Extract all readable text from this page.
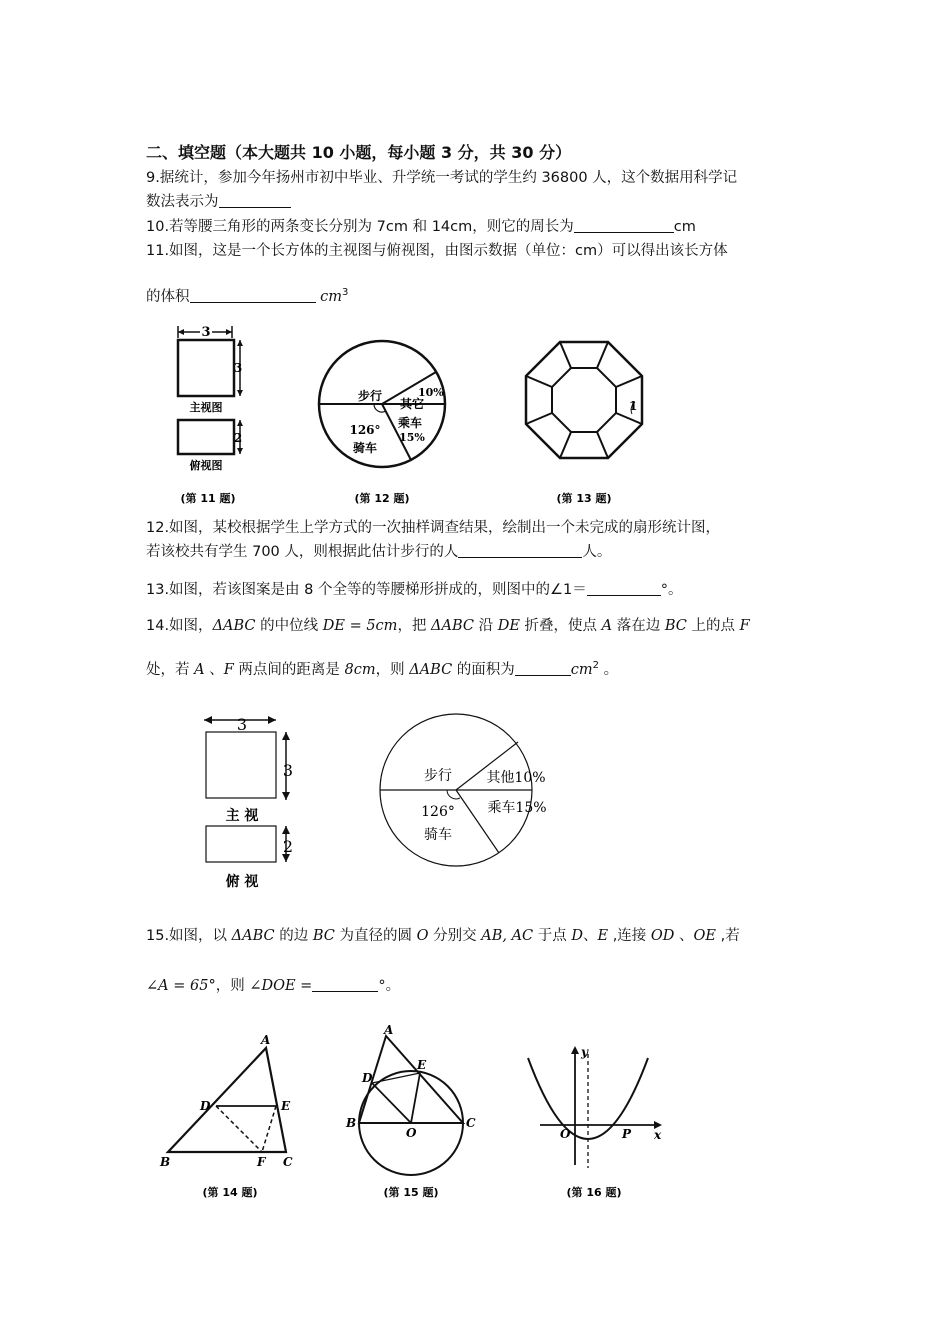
二、填空题（本大题共 10 小题，每小题 3 分，共 30 分）
9.据统计，参加今年扬州市初中毕业、升学统一考试的学生约 36800 人，这个数据用科学记
数法表示为
10.若等腰三角形的两条变长分别为 7cm 和 14cm，则它的周长为	cm
11.如图，这是一个长方体的主视图与俯视图，由图示数据（单位：cm）可以得出该长方体
的体积	$cm^3$
3
3
主视图
2
俯视图
(第 11 题)
步行	10%
其它
126° 乘车
15%
骑车
(第 12 题)
1
(第 13 题)
12.如图，某校根据学生上学方式的一次抽样调查结果，绘制出一个未完成的扇形统计图，
若该校共有学生 700 人，则根据此估计步行的人	人。
13.如图，若该图案是由 8 个全等的等腰梯形拼成的，则图中的∠1＝	°。
14.如图，ΔABC 的中位线 DE = 5cm，把 ΔABC 沿 DE 折叠，使点 A 落在边 BC 上的点 F
处，若 A 、F 两点间的距离是 8cm，则 ΔABC 的面积为	$cm^2$ 。
3
3
主 视
2
俯 视
步行 其他10%
乘车15%
126°
骑车
15.如图，以 ΔABC 的边 BC 为直径的圆 O 分别交 AB, AC 于点 D、E ,连接 OD 、OE ,若
∠A = 65°，则 ∠DOE =	°。
A
D	E
B	F C
(第 14 题)
A
D
E
B
O
C
(第 15 题)
y
x
O	P
(第 16 题)
